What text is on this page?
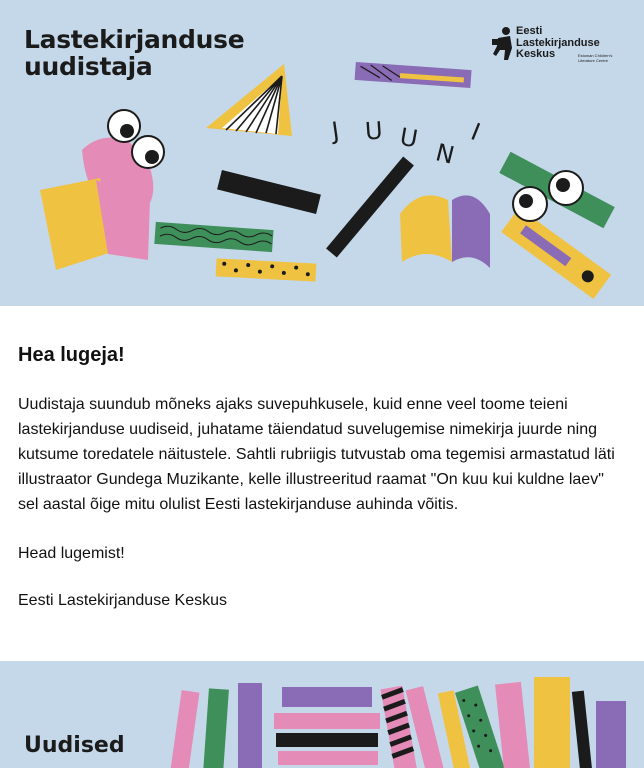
Lastekirjanduse
uudistaja
Eesti
Lastekirjanduse
Keskus	Estonian Children's
Literature Centre
J U U
N
I
Hea lugeja!

Uudistaja suundub mõneks ajaks suvepuhkusele, kuid enne veel toome teieni lastekirjanduse uudiseid, juhatame täiendatud suvelugemise nimekirja juurde ning kutsume toredatele näitustele. Sahtli rubriigis tutvustab oma tegemisi armastatud läti illustraator Gundega Muzikante, kelle illustreeritud raamat "On kuu kui kuldne laev" sel aastal õige mitu olulist Eesti lastekirjanduse auhinda võitis.

Head lugemist!

Eesti Lastekirjanduse Keskus

Uudised
